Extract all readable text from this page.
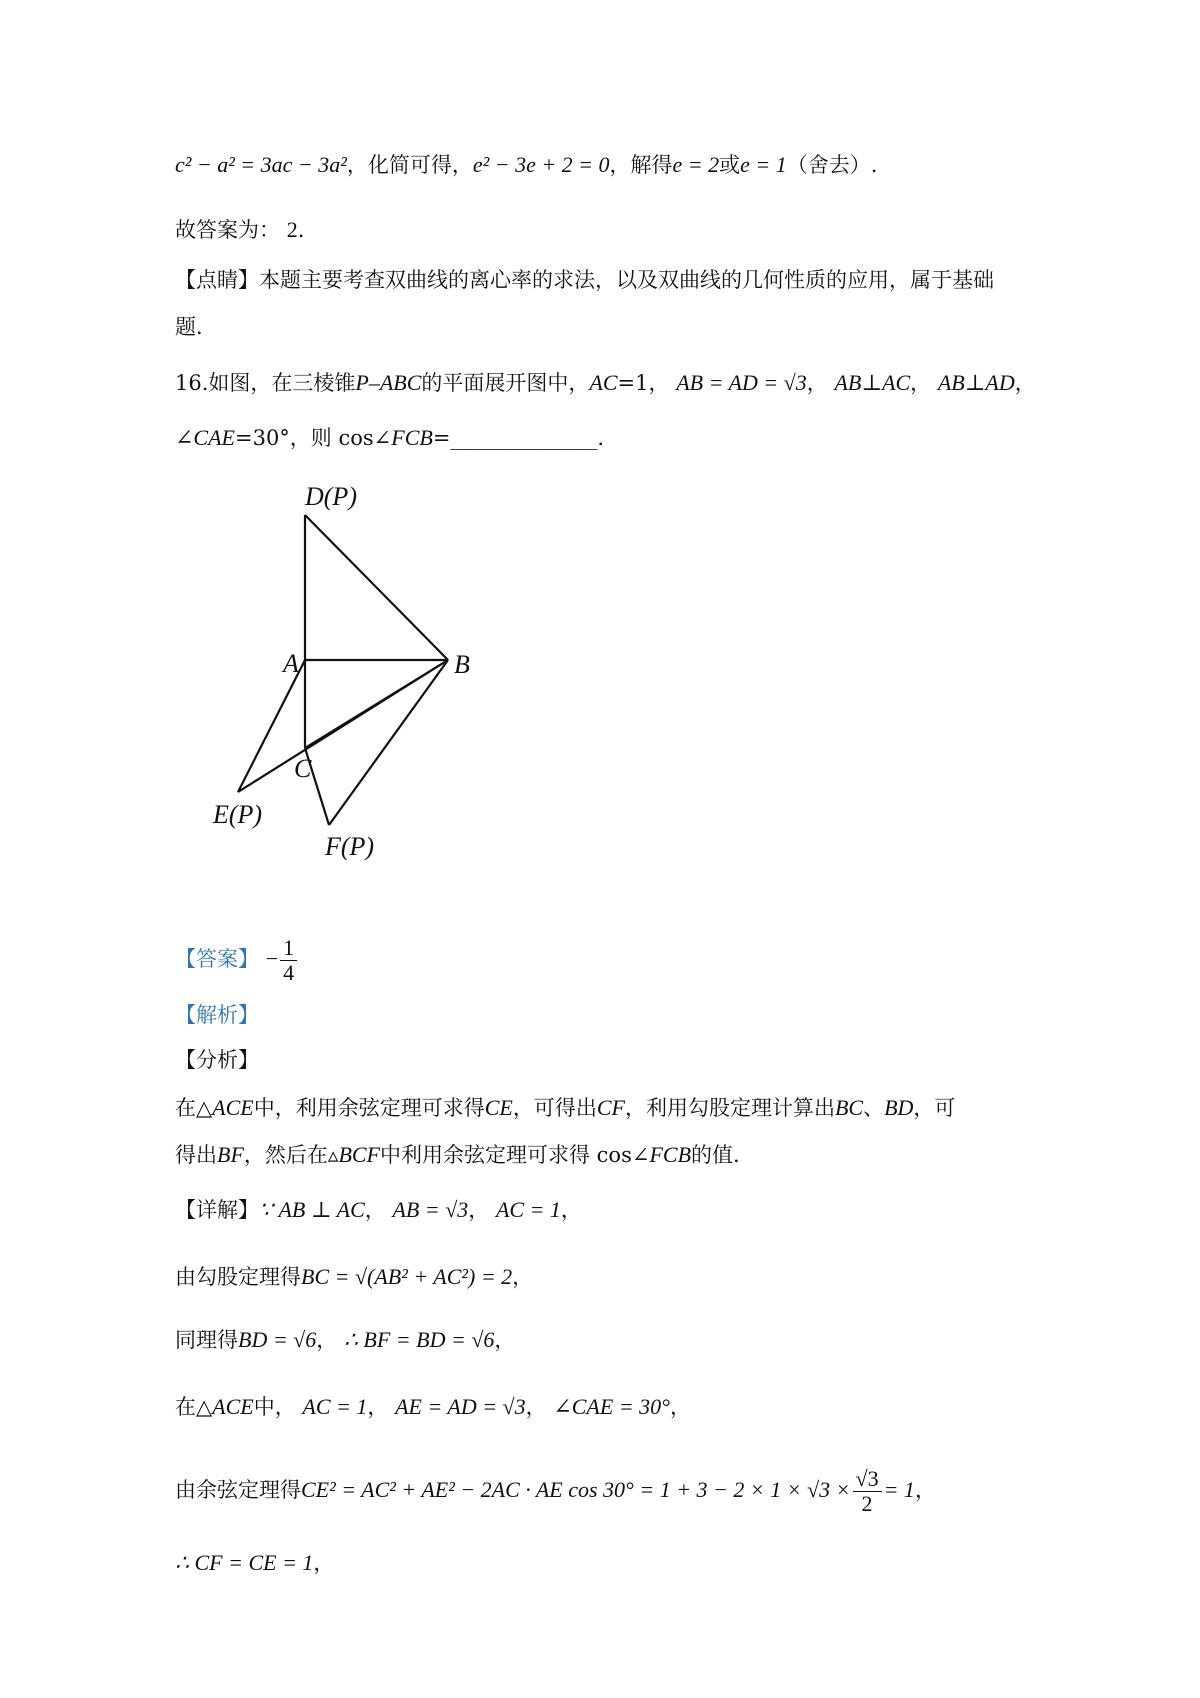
c² − a² = 3ac − 3a²，化简可得，e² − 3e + 2 = 0，解得e = 2或e = 1（舍去）.
故答案为： 2.
【点睛】本题主要考查双曲线的离心率的求法，以及双曲线的几何性质的应用，属于基础
题.
16.如图，在三棱锥P–ABC的平面展开图中，AC=1， AB = AD = √3， AB⊥AC， AB⊥AD，
∠CAE=30°，则 cos∠FCB=______________.
D(P)
A	B
C
E(P)
F(P)
【答案】 − $\frac{1}{4}$
【解析】
【分析】
在△ACE中，利用余弦定理可求得CE，可得出CF，利用勾股定理计算出BC、BD，可
得出BF，然后在▵BCF中利用余弦定理可求得 cos∠FCB的值.
【详解】∵ AB ⊥ AC， AB = √3， AC = 1，
由勾股定理得BC = √(AB² + AC²) = 2，
同理得BD = √6， ∴ BF = BD = √6，
在△ACE中， AC = 1， AE = AD = √3， ∠CAE = 30°，
由余弦定理得CE² = AC² + AE² − 2AC · AE $\cos 30^\circ = 1 + 3 - 2 \times 1 \times √3 \times \frac{√3}{2} = 1$，
∴ CF = CE = 1，
